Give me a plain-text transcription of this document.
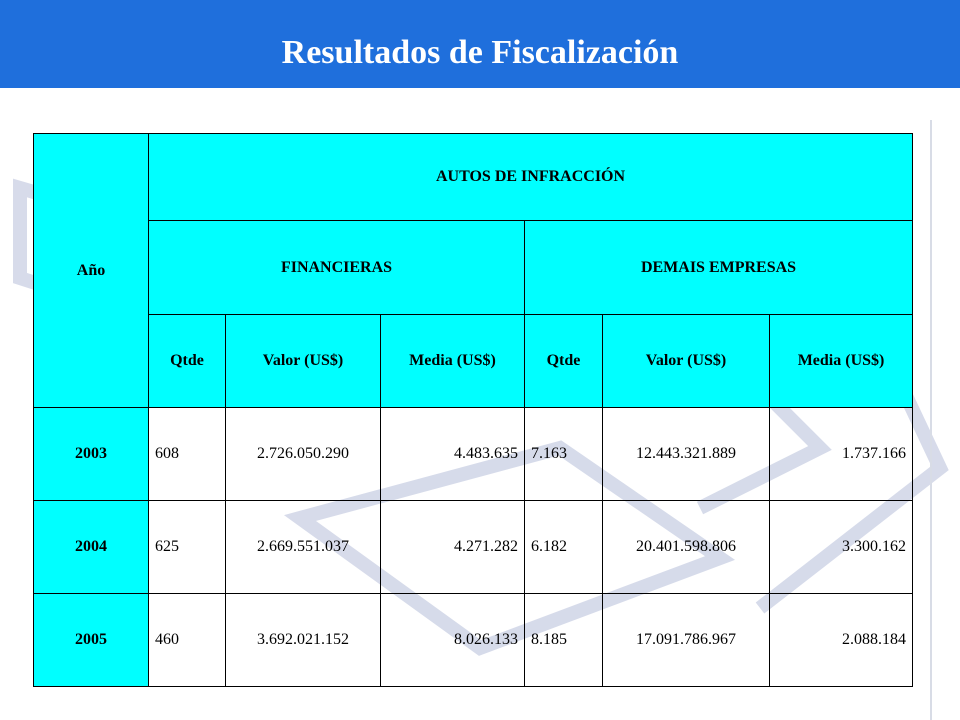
Resultados de Fiscalización
Año	AUTOS DE INFRACCIÓN					
	FINANCIERAS			DEMAIS EMPRESAS		
	Qtde	Valor (US$)	Media (US$)	Qtde	Valor (US$)	Media (US$)
2003	608	2.726.050.290	4.483.635	7.163	12.443.321.889	1.737.166
2004	625	2.669.551.037	4.271.282	6.182	20.401.598.806	3.300.162
2005	460	3.692.021.152	8.026.133	8.185	17.091.786.967	2.088.184
